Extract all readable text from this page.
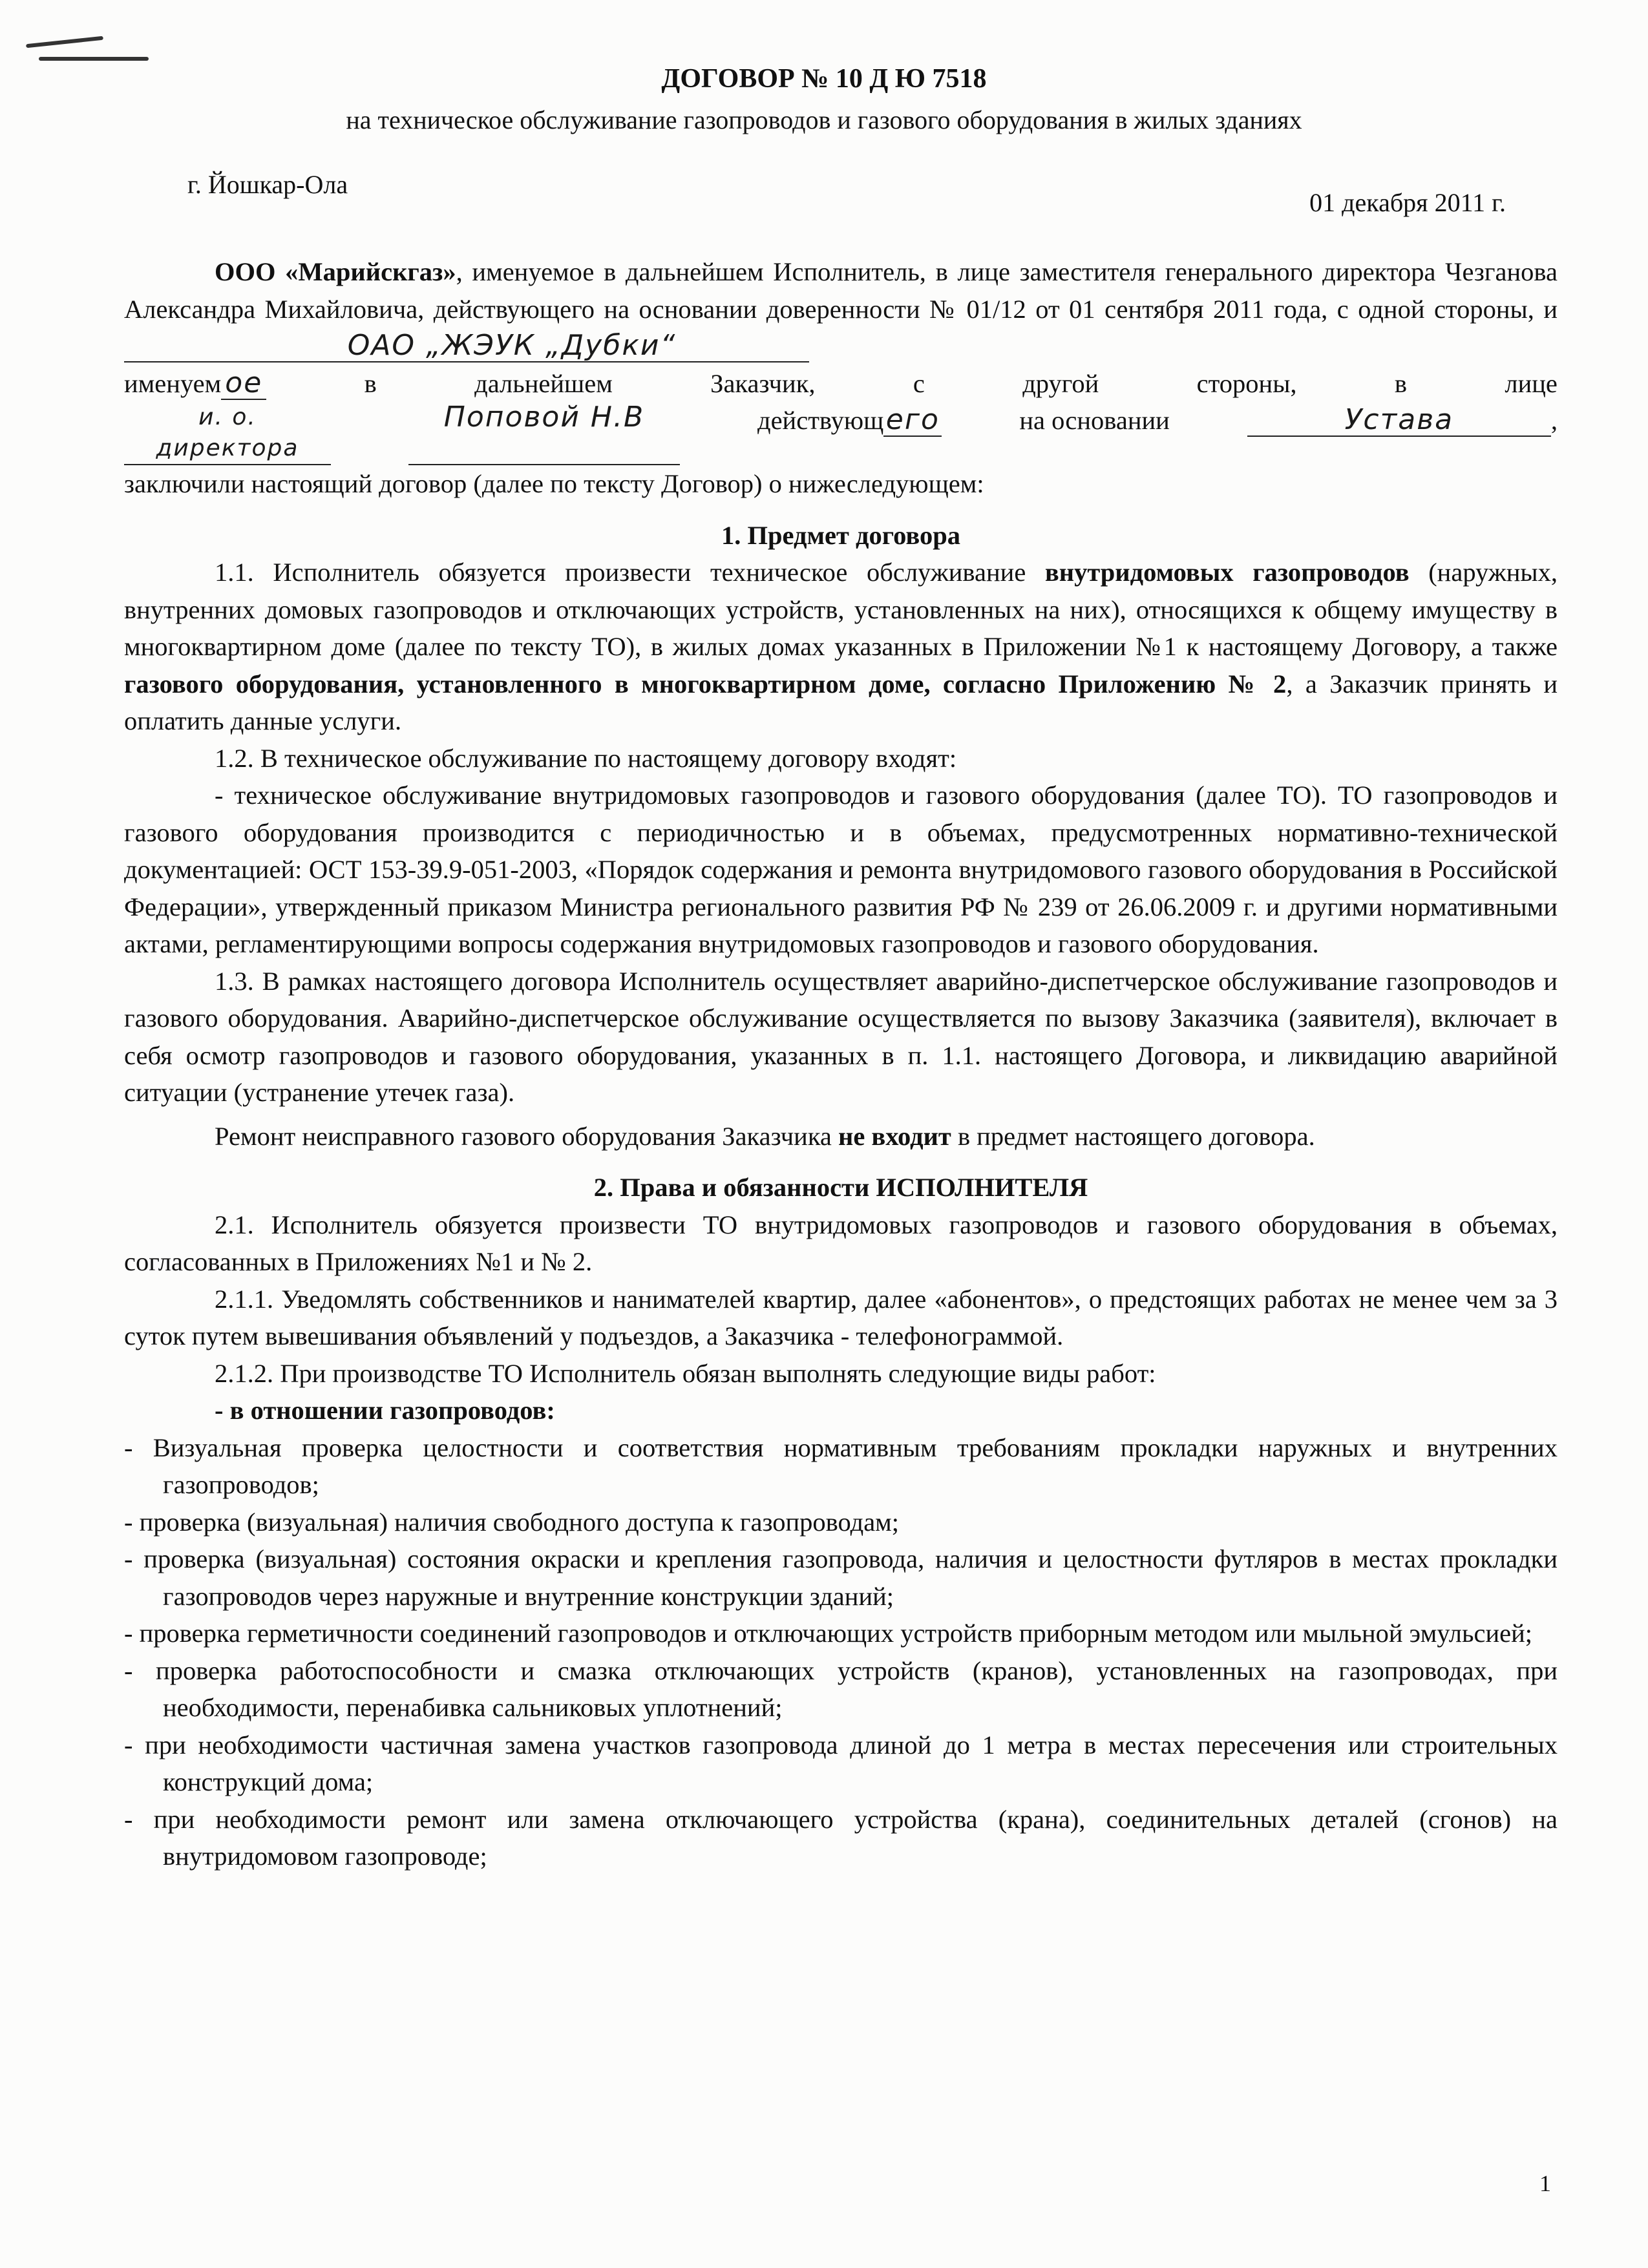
ДОГОВОР № 10 Д Ю 7518
на техническое обслуживание газопроводов и газового оборудования в жилых зданиях
г. Йошкар-Ола
01 декабря 2011 г.

ООО «Марийскгаз», именуемое в дальнейшем Исполнитель, в лице заместителя генерального директора Чезганова Александра Михайловича, действующего на основании доверенности № 01/12 от 01 сентября 2011 года, с одной стороны, и ОАО „ЖЭУК „Дубки“

именуем ое	в	дальнейшем	Заказчик,	с	другой	стороны,	в	лице
и. о. директора
Поповой Н.В	действующего	на основании	Устава	,

заключили настоящий договор (далее по тексту Договор) о нижеследующем:

1. Предмет договора

1.1. Исполнитель обязуется произвести техническое обслуживание внутридомовых газопроводов (наружных, внутренних домовых газопроводов и отключающих устройств, установленных на них), относящихся к общему имуществу в многоквартирном доме (далее по тексту ТО), в жилых домах указанных в Приложении №1 к настоящему Договору, а также газового оборудования, установленного в многоквартирном доме, согласно Приложению № 2, а Заказчик принять и оплатить данные услуги.

1.2. В техническое обслуживание по настоящему договору входят:

- техническое обслуживание внутридомовых газопроводов и газового оборудования (далее ТО). ТО газопроводов и газового оборудования производится с периодичностью и в объемах, предусмотренных нормативно-технической документацией: ОСТ 153-39.9-051-2003, «Порядок содержания и ремонта внутридомового газового оборудования в Российской Федерации», утвержденный приказом Министра регионального развития РФ № 239 от 26.06.2009 г. и другими нормативными актами, регламентирующими вопросы содержания внутридомовых газопроводов и газового оборудования.

1.3. В рамках настоящего договора Исполнитель осуществляет аварийно-диспетчерское обслуживание газопроводов и газового оборудования. Аварийно-диспетчерское обслуживание осуществляется по вызову Заказчика (заявителя), включает в себя осмотр газопроводов и газового оборудования, указанных в п. 1.1. настоящего Договора, и ликвидацию аварийной ситуации (устранение утечек газа).

Ремонт неисправного газового оборудования Заказчика не входит в предмет настоящего договора.

2. Права и обязанности ИСПОЛНИТЕЛЯ

2.1. Исполнитель обязуется произвести ТО внутридомовых газопроводов и газового оборудования в объемах, согласованных в Приложениях №1 и № 2.

2.1.1. Уведомлять собственников и нанимателей квартир, далее «абонентов», о предстоящих работах не менее чем за 3 суток путем вывешивания объявлений у подъездов, а Заказчика - телефонограммой.

2.1.2. При производстве ТО Исполнитель обязан выполнять следующие виды работ:

- в отношении газопроводов:

- Визуальная проверка целостности и соответствия нормативным требованиям прокладки наружных и внутренних газопроводов;

- проверка (визуальная) наличия свободного доступа к газопроводам;

- проверка (визуальная) состояния окраски и крепления газопровода, наличия и целостности футляров в местах прокладки газопроводов через наружные и внутренние конструкции зданий;

- проверка герметичности соединений газопроводов и отключающих устройств приборным методом или мыльной эмульсией;

- проверка работоспособности и смазка отключающих устройств (кранов), установленных на газопроводах, при необходимости, перенабивка сальниковых уплотнений;

- при необходимости частичная замена участков газопровода длиной до 1 метра в местах пересечения или строительных конструкций дома;

- при необходимости ремонт или замена отключающего устройства (крана), соединительных деталей (сгонов) на внутридомовом газопроводе;

1
